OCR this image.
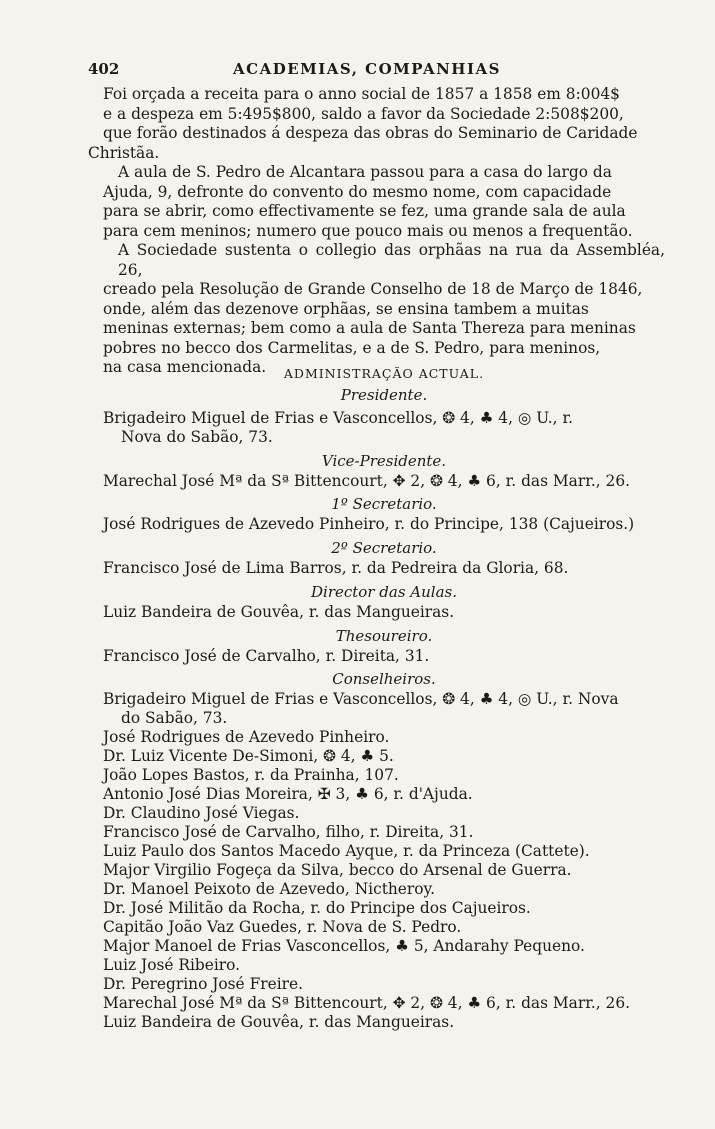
402	ACADEMIAS, COMPANHIAS

Foi orçada a receita para o anno social de 1857 a 1858 em 8:004$
e a despeza em 5:495$800, saldo a favor da Sociedade 2:508$200,
que forão destinados á despeza das obras do Seminario de Caridade
Christãa.

A aula de S. Pedro de Alcantara passou para a casa do largo da
Ajuda, 9, defronte do convento do mesmo nome, com capacidade
para se abrir, como effectivamente se fez, uma grande sala de aula
para cem meninos; numero que pouco mais ou menos a frequentão.

A Sociedade sustenta o collegio das orphãas na rua da Assembléa, 26,
creado pela Resolução de Grande Conselho de 18 de Março de 1846,
onde, além das dezenove orphãas, se ensina tambem a muitas
meninas externas; bem como a aula de Santa Thereza para meninas
pobres no becco dos Carmelitas, e a de S. Pedro, para meninos,
na casa mencionada.	ADMINISTRAÇÃO ACTUAL.

Presidente.

Brigadeiro Miguel de Frias e Vasconcellos, ❂ 4, ♣ 4, ◎ U., r.
Nova do Sabão, 73.

Vice-Presidente.

Marechal José Mª da Sª Bittencourt, ✥ 2, ❂ 4, ♣ 6, r. das Marr., 26.

1º Secretario.

José Rodrigues de Azevedo Pinheiro, r. do Principe, 138 (Cajueiros.)

2º Secretario.

Francisco José de Lima Barros, r. da Pedreira da Gloria, 68.

Director das Aulas.

Luiz Bandeira de Gouvêa, r. das Mangueiras.

Thesoureiro.

Francisco José de Carvalho, r. Direita, 31.

Conselheiros.

Brigadeiro Miguel de Frias e Vasconcellos, ❂ 4, ♣ 4, ◎ U., r. Nova
do Sabão, 73.
José Rodrigues de Azevedo Pinheiro.
Dr. Luiz Vicente De-Simoni, ❂ 4, ♣ 5.
João Lopes Bastos, r. da Prainha, 107.
Antonio José Dias Moreira, ✠ 3, ♣ 6, r. d'Ajuda.
Dr. Claudino José Viegas.
Francisco José de Carvalho, filho, r. Direita, 31.
Luiz Paulo dos Santos Macedo Ayque, r. da Princeza (Cattete).
Major Virgilio Fogeça da Silva, becco do Arsenal de Guerra.
Dr. Manoel Peixoto de Azevedo, Nictheroy.
Dr. José Militão da Rocha, r. do Principe dos Cajueiros.
Capitão João Vaz Guedes, r. Nova de S. Pedro.
Major Manoel de Frias Vasconcellos, ♣ 5, Andarahy Pequeno.
Luiz José Ribeiro.
Dr. Peregrino José Freire.
Marechal José Mª da Sª Bittencourt, ✥ 2, ❂ 4, ♣ 6, r. das Marr., 26.
Luiz Bandeira de Gouvêa, r. das Mangueiras.
